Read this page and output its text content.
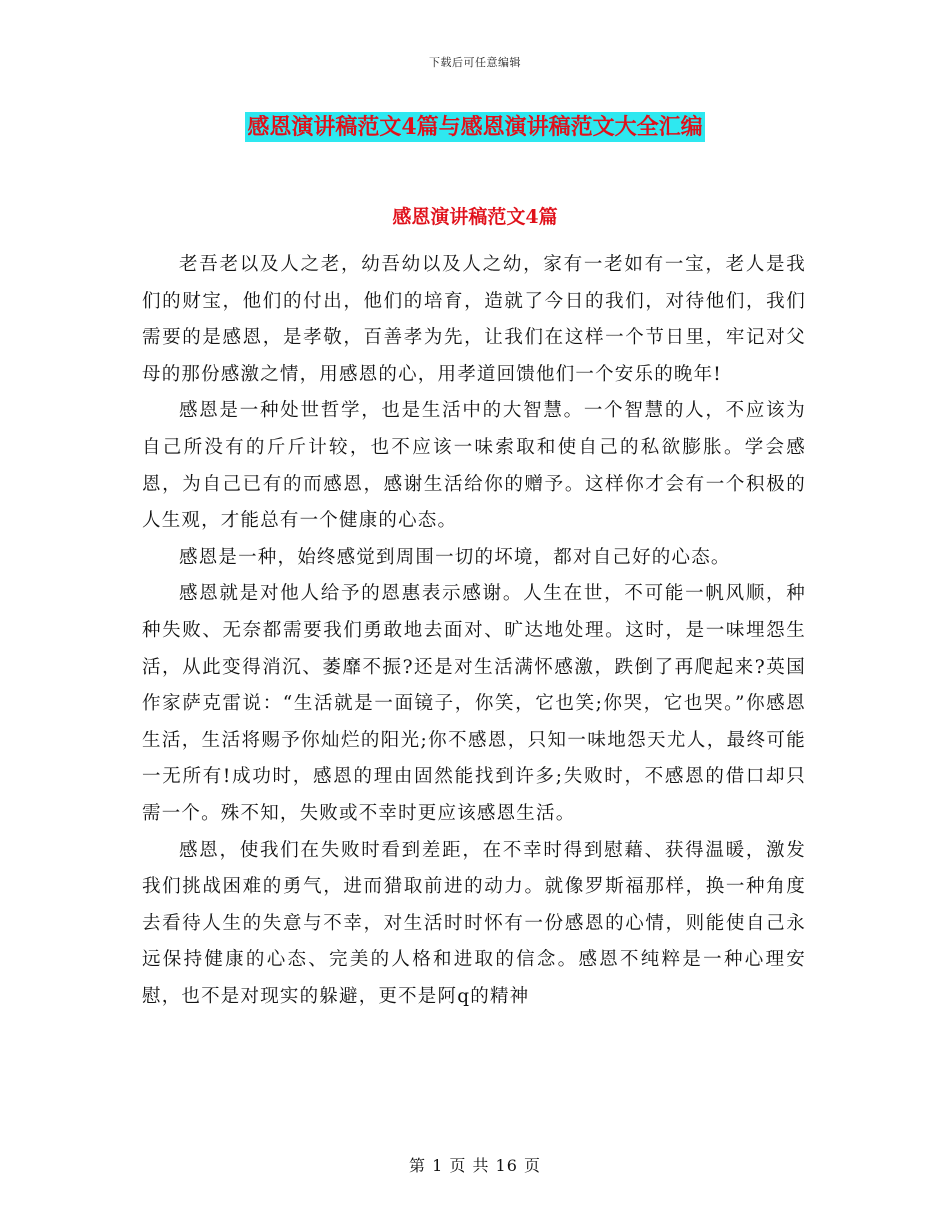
下载后可任意编辑
感恩演讲稿范文4篇与感恩演讲稿范文大全汇编
感恩演讲稿范文4篇

老吾老以及人之老，幼吾幼以及人之幼，家有一老如有一宝，老人是我们的财宝，他们的付出，他们的培育，造就了今日的我们，对待他们，我们需要的是感恩，是孝敬，百善孝为先，让我们在这样一个节日里，牢记对父母的那份感激之情，用感恩的心，用孝道回馈他们一个安乐的晚年!

感恩是一种处世哲学，也是生活中的大智慧。一个智慧的人，不应该为自己所没有的斤斤计较，也不应该一味索取和使自己的私欲膨胀。学会感恩，为自己已有的而感恩，感谢生活给你的赠予。这样你才会有一个积极的人生观，才能总有一个健康的心态。

感恩是一种，始终感觉到周围一切的坏境，都对自己好的心态。

感恩就是对他人给予的恩惠表示感谢。人生在世，不可能一帆风顺，种种失败、无奈都需要我们勇敢地去面对、旷达地处理。这时，是一味埋怨生活，从此变得消沉、萎靡不振?还是对生活满怀感激，跌倒了再爬起来?英国作家萨克雷说：“生活就是一面镜子，你笑，它也笑;你哭，它也哭。”你感恩生活，生活将赐予你灿烂的阳光;你不感恩，只知一味地怨天尤人，最终可能一无所有!成功时，感恩的理由固然能找到许多;失败时，不感恩的借口却只需一个。殊不知，失败或不幸时更应该感恩生活。

感恩，使我们在失败时看到差距，在不幸时得到慰藉、获得温暖，激发我们挑战困难的勇气，进而猎取前进的动力。就像罗斯福那样，换一种角度去看待人生的失意与不幸，对生活时时怀有一份感恩的心情，则能使自己永远保持健康的心态、完美的人格和进取的信念。感恩不纯粹是一种心理安慰，也不是对现实的躲避，更不是阿q的精神

第 1 页 共 16 页
